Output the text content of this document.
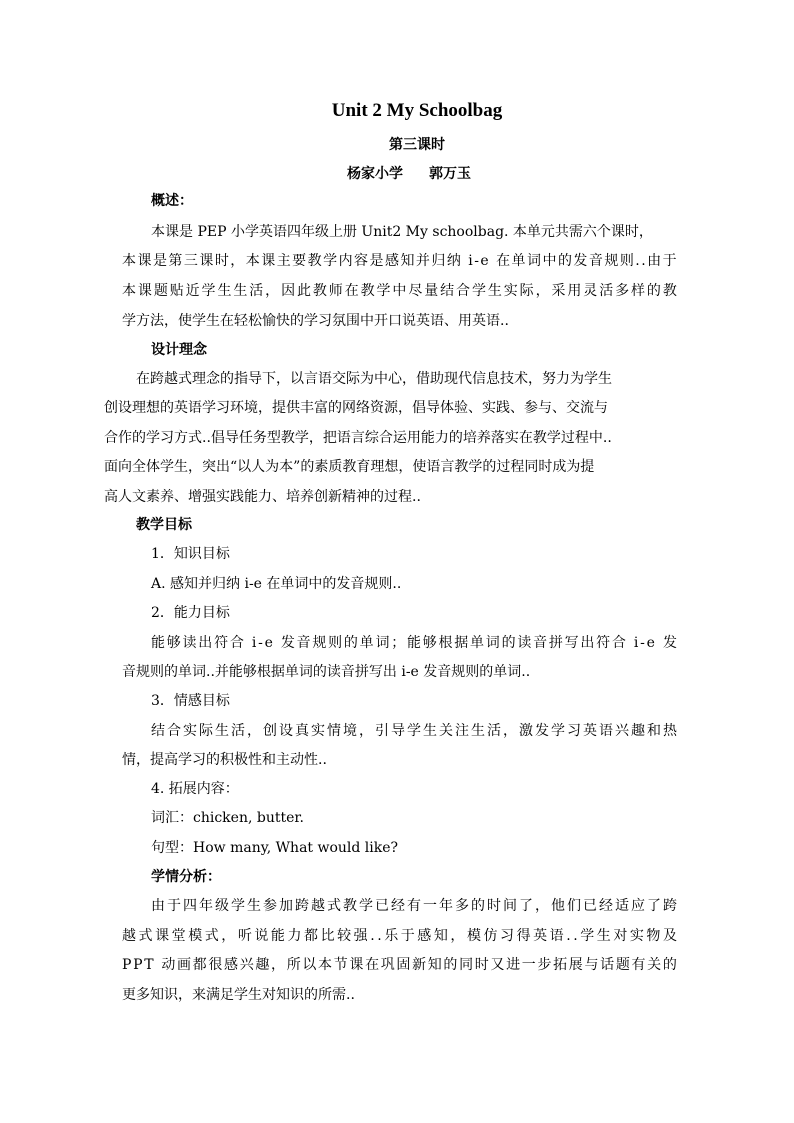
Unit 2 My Schoolbag
第三课时
杨家小学 郭万玉
概述：
本课是 PEP 小学英语四年级上册 Unit2 My schoolbag. 本单元共需六个课时，
本 课 是 第 三 课 时 ， 本 课 主 要 教 学 内 容 是 感 知 并 归 纳
i - e
在 单 词 中 的 发 音 规 则 . . 由 于
本 课 题 贴 近 学 生 生 活 ， 因 此 教 师 在 教 学 中 尽 量 结 合 学 生 实 际 ， 采 用 灵 活 多 样 的 教
学方法，使学生在轻松愉快的学习氛围中开口说英语、用英语..
设计理念
在跨越式理念的指导下，以言语交际为中心，借助现代信息技术，努力为学生
创设理想的英语学习环境，提供丰富的网络资源，倡导体验、实践、参与、交流与
合作的学习方式..倡导任务型教学，把语言综合运用能力的培养落实在教学过程中..
面向全体学生，突出“以人为本”的素质教育理想，使语言教学的过程同时成为提
高人文素养、增强实践能力、培养创新精神的过程..
教学目标
1．知识目标
A. 感知并归纳 i-e 在单词中的发音规则..
2．能力目标
能 够 读 出 符 合
i - e
发 音 规 则 的 单 词 ； 能 够 根 据 单 词 的 读 音 拼 写 出 符 合
i - e
发
音规则的单词..并能够根据单词的读音拼写出 i-e 发音规则的单词..
3．情感目标
结 合 实 际 生 活 ， 创 设 真 实 情 境 ， 引 导 学 生 关 注 生 活 ， 激 发 学 习 英 语 兴 趣 和 热
情，提高学习的积极性和主动性..
4. 拓展内容：
词汇：chicken, butter.
句型：How many, What would like?
学情分析：
由 于 四 年 级 学 生 参 加 跨 越 式 教 学 已 经 有 一 年 多 的 时 间 了 ， 他 们 已 经 适 应 了 跨
越 式 课 堂 模 式 ， 听 说 能 力 都 比 较 强 . . 乐 于 感 知 ， 模 仿 习 得 英 语 . . 学 生 对 实 物 及
P P T
动 画 都 很 感 兴 趣 ， 所 以 本 节 课 在 巩 固 新 知 的 同 时 又 进 一 步 拓 展 与 话 题 有 关 的
更多知识，来满足学生对知识的所需..
